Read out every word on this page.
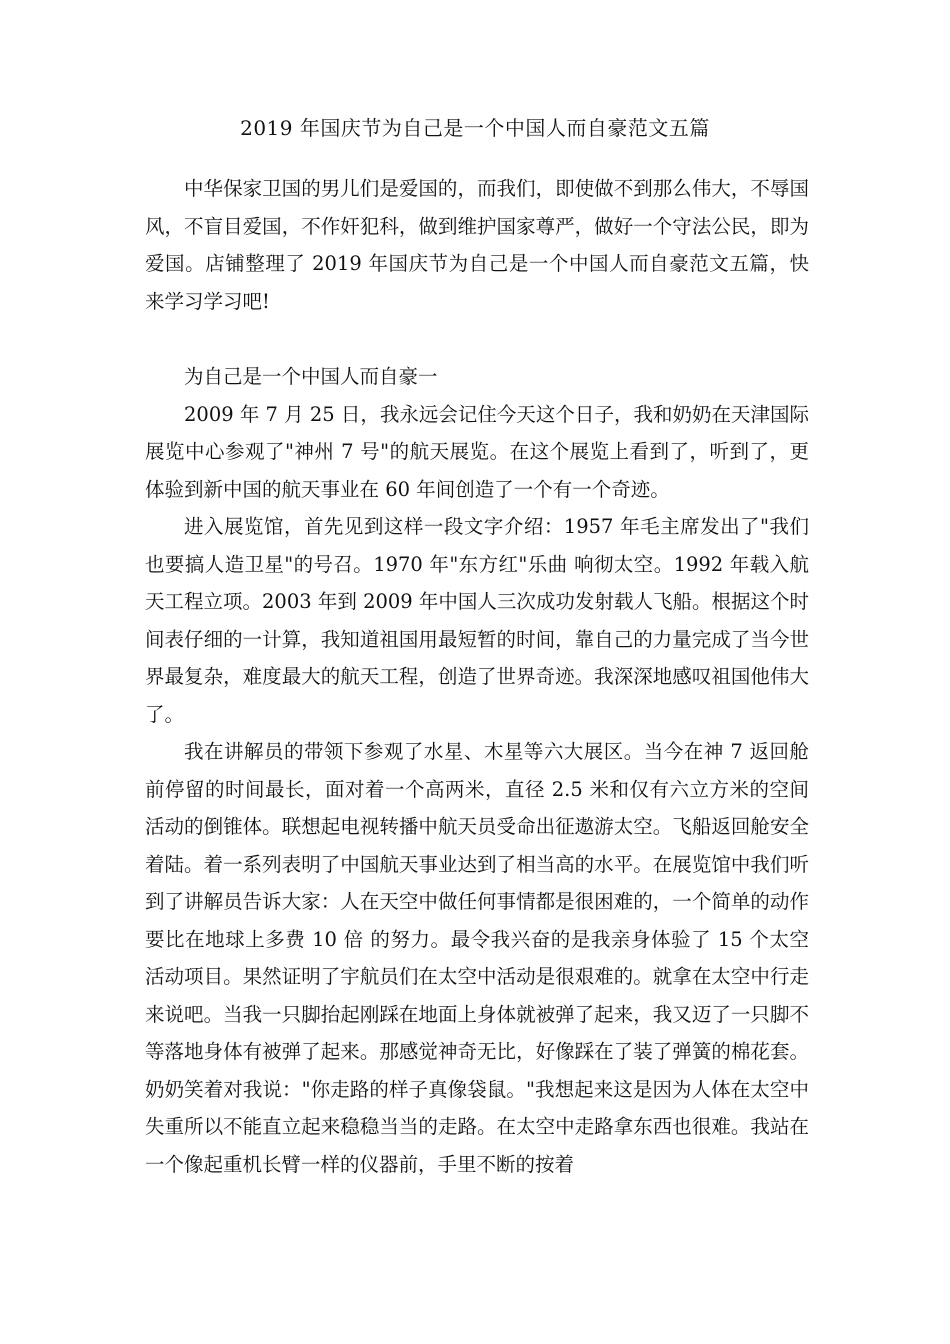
2019 年国庆节为自己是一个中国人而自豪范文五篇

中华保家卫国的男儿们是爱国的，而我们，即使做不到那么伟大，不辱国风，不盲目爱国，不作奸犯科，做到维护国家尊严，做好一个守法公民，即为爱国。店铺整理了 2019 年国庆节为自己是一个中国人而自豪范文五篇，快来学习学习吧!

为自己是一个中国人而自豪一

2009 年 7 月 25 日，我永远会记住今天这个日子，我和奶奶在天津国际展览中心参观了"神州 7 号"的航天展览。在这个展览上看到了，听到了，更体验到新中国的航天事业在 60 年间创造了一个有一个奇迹。

进入展览馆，首先见到这样一段文字介绍：1957 年毛主席发出了"我们也要搞人造卫星"的号召。1970 年"东方红"乐曲 响彻太空。1992 年载入航天工程立项。2003 年到 2009 年中国人三次成功发射载人飞船。根据这个时间表仔细的一计算，我知道祖国用最短暂的时间，靠自己的力量完成了当今世界最复杂，难度最大的航天工程，创造了世界奇迹。我深深地感叹祖国他伟大了。

我在讲解员的带领下参观了水星、木星等六大展区。当今在神 7 返回舱前停留的时间最长，面对着一个高两米，直径 2.5 米和仅有六立方米的空间活动的倒锥体。联想起电视转播中航天员受命出征遨游太空。飞船返回舱安全着陆。着一系列表明了中国航天事业达到了相当高的水平。在展览馆中我们听到了讲解员告诉大家：人在天空中做任何事情都是很困难的，一个简单的动作要比在地球上多费 10 倍 的努力。最令我兴奋的是我亲身体验了 15 个太空活动项目。果然证明了宇航员们在太空中活动是很艰难的。就拿在太空中行走来说吧。当我一只脚抬起刚踩在地面上身体就被弹了起来，我又迈了一只脚不等落地身体有被弹了起来。那感觉神奇无比，好像踩在了装了弹簧的棉花套。奶奶笑着对我说："你走路的样子真像袋鼠。"我想起来这是因为人体在太空中失重所以不能直立起来稳稳当当的走路。在太空中走路拿东西也很难。我站在一个像起重机长臂一样的仪器前，手里不断的按着
